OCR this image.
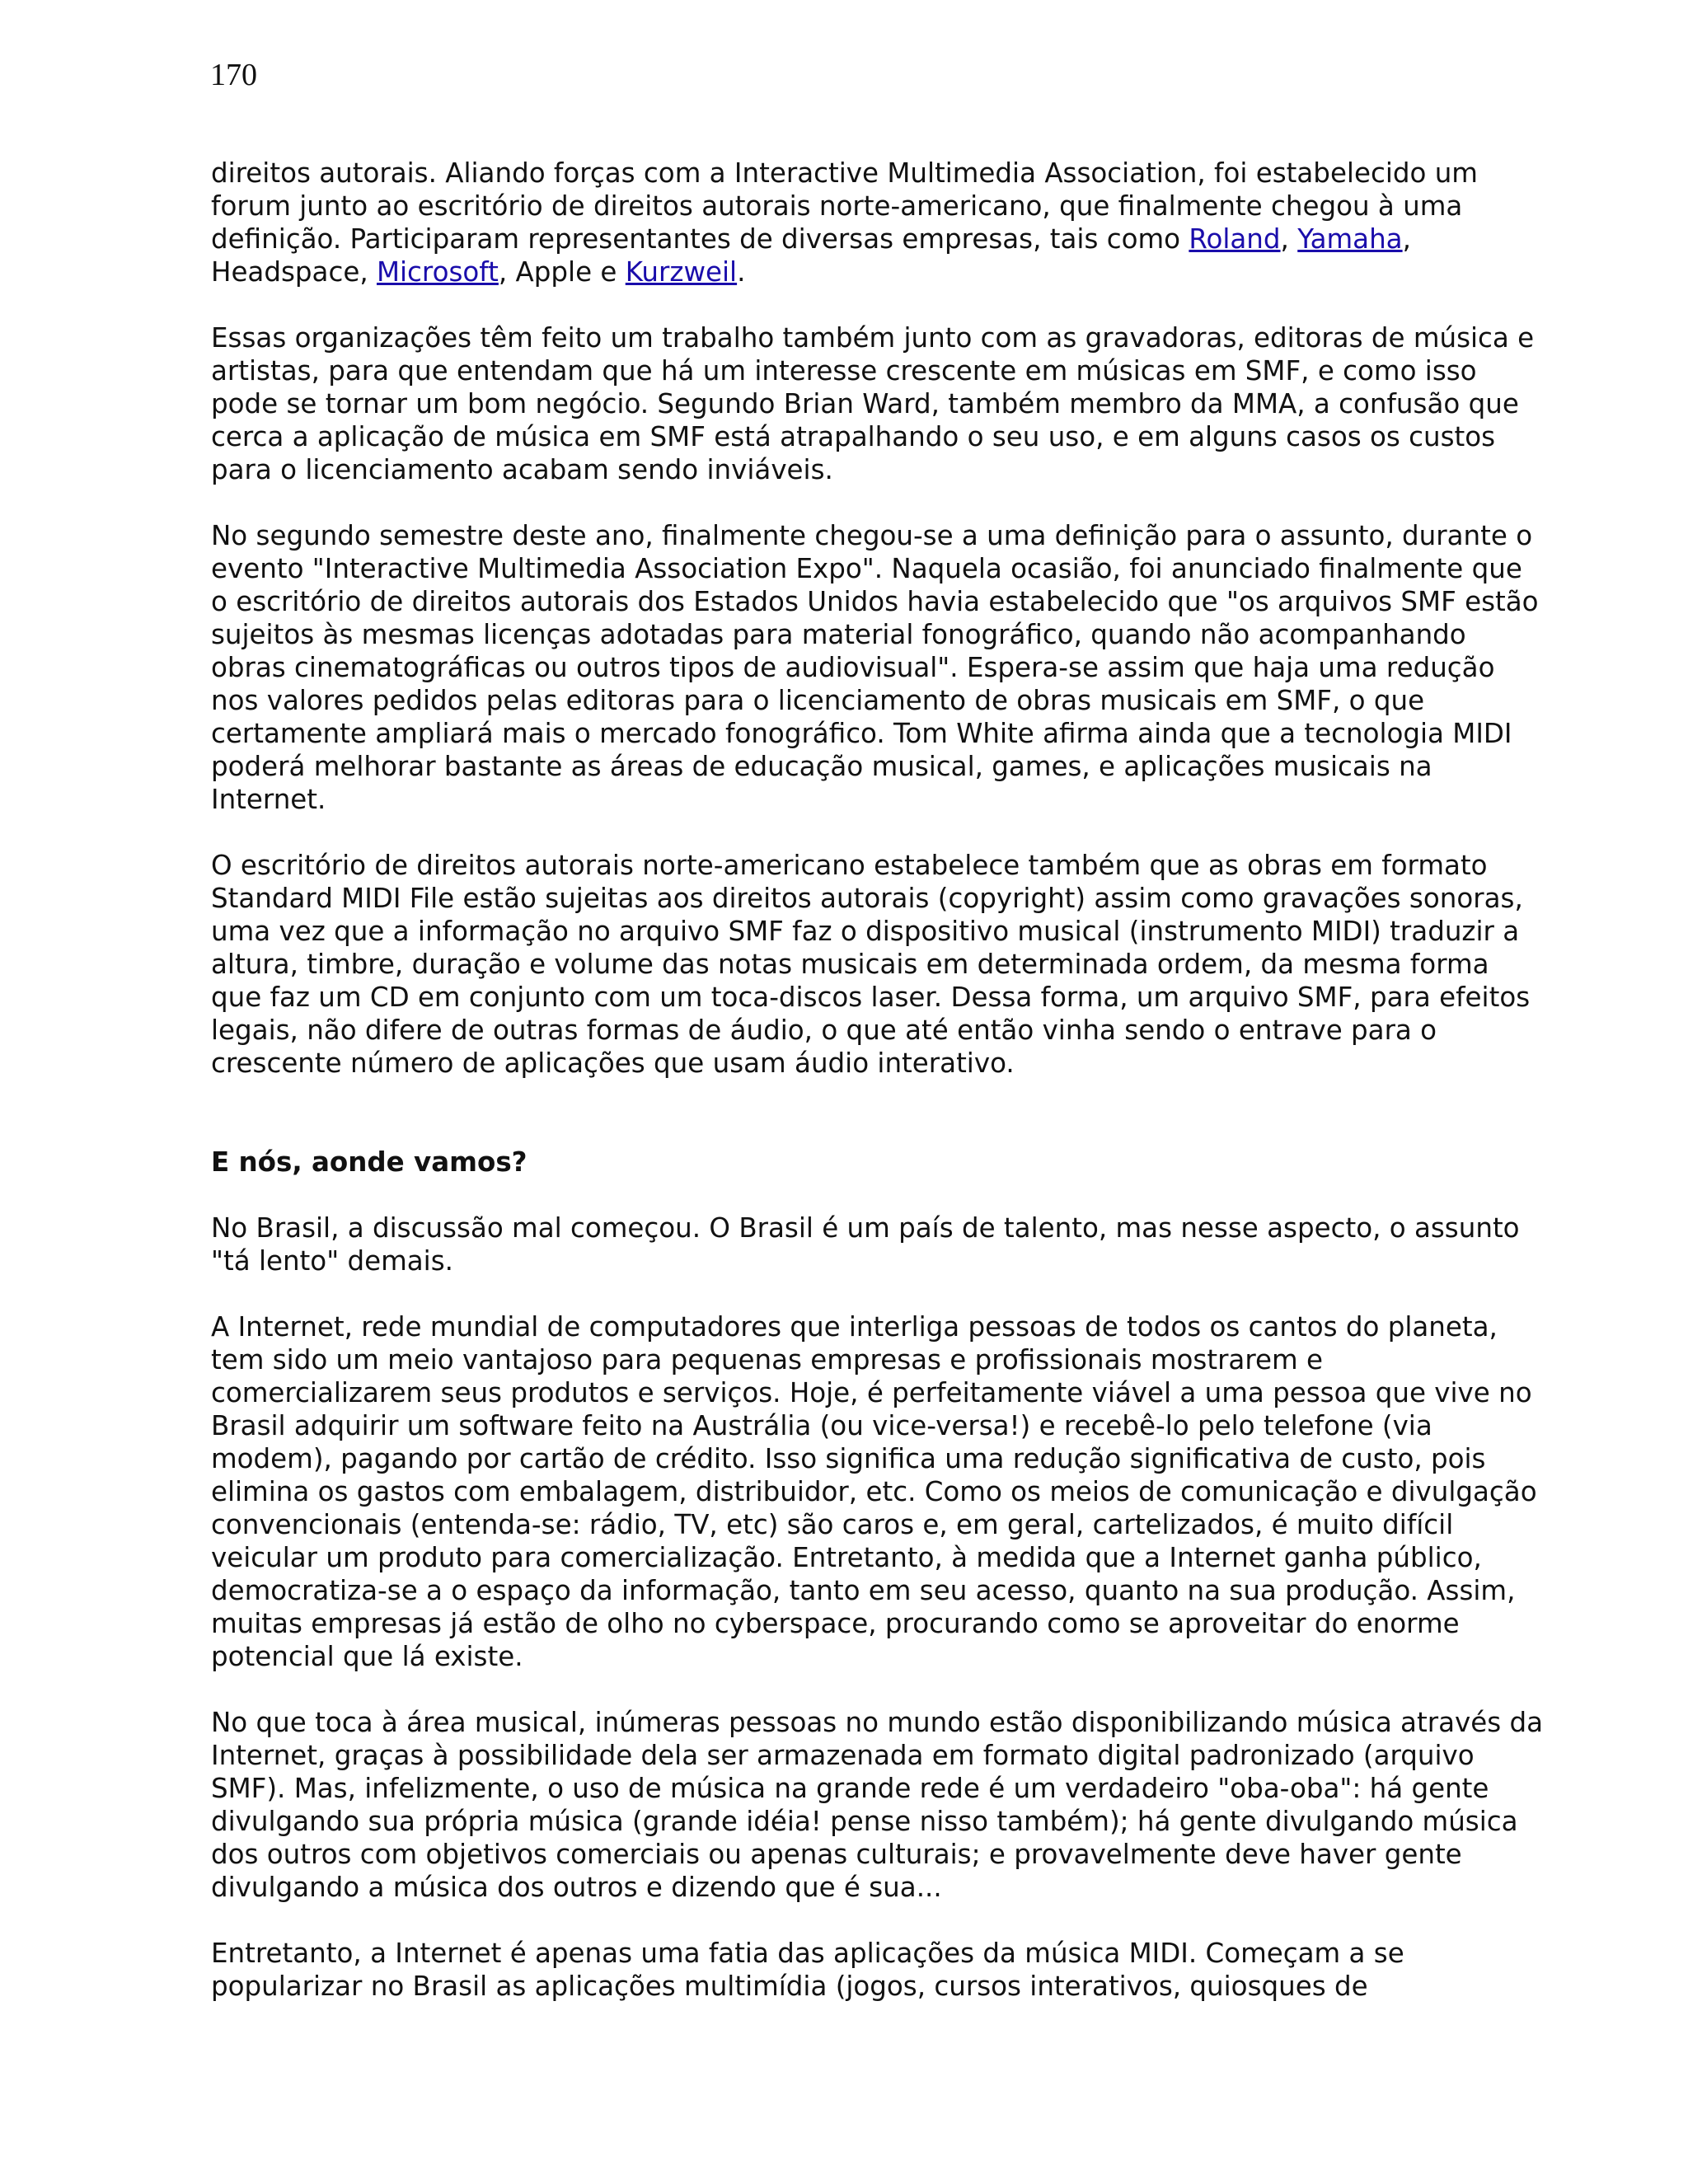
170

direitos autorais. Aliando forças com a Interactive Multimedia Association, foi estabelecido um forum junto ao escritório de direitos autorais norte-americano, que finalmente chegou à uma definição. Participaram representantes de diversas empresas, tais como Roland, Yamaha, Headspace, Microsoft, Apple e Kurzweil.

Essas organizações têm feito um trabalho também junto com as gravadoras, editoras de música e artistas, para que entendam que há um interesse crescente em músicas em SMF, e como isso pode se tornar um bom negócio. Segundo Brian Ward, também membro da MMA, a confusão que cerca a aplicação de música em SMF está atrapalhando o seu uso, e em alguns casos os custos para o licenciamento acabam sendo inviáveis.

No segundo semestre deste ano, finalmente chegou-se a uma definição para o assunto, durante o evento "Interactive Multimedia Association Expo". Naquela ocasião, foi anunciado finalmente que o escritório de direitos autorais dos Estados Unidos havia estabelecido que "os arquivos SMF estão sujeitos às mesmas licenças adotadas para material fonográfico, quando não acompanhando obras cinematográficas ou outros tipos de audiovisual". Espera-se assim que haja uma redução nos valores pedidos pelas editoras para o licenciamento de obras musicais em SMF, o que certamente ampliará mais o mercado fonográfico. Tom White afirma ainda que a tecnologia MIDI poderá melhorar bastante as áreas de educação musical, games, e aplicações musicais na Internet.

O escritório de direitos autorais norte-americano estabelece também que as obras em formato Standard MIDI File estão sujeitas aos direitos autorais (copyright) assim como gravações sonoras, uma vez que a informação no arquivo SMF faz o dispositivo musical (instrumento MIDI) traduzir a altura, timbre, duração e volume das notas musicais em determinada ordem, da mesma forma que faz um CD em conjunto com um toca-discos laser. Dessa forma, um arquivo SMF, para efeitos legais, não difere de outras formas de áudio, o que até então vinha sendo o entrave para o crescente número de aplicações que usam áudio interativo.

E nós, aonde vamos?

No Brasil, a discussão mal começou. O Brasil é um país de talento, mas nesse aspecto, o assunto "tá lento" demais.

A Internet, rede mundial de computadores que interliga pessoas de todos os cantos do planeta, tem sido um meio vantajoso para pequenas empresas e profissionais mostrarem e comercializarem seus produtos e serviços. Hoje, é perfeitamente viável a uma pessoa que vive no Brasil adquirir um software feito na Austrália (ou vice-versa!) e recebê-lo pelo telefone (via modem), pagando por cartão de crédito. Isso significa uma redução significativa de custo, pois elimina os gastos com embalagem, distribuidor, etc. Como os meios de comunicação e divulgação convencionais (entenda-se: rádio, TV, etc) são caros e, em geral, cartelizados, é muito difícil veicular um produto para comercialização. Entretanto, à medida que a Internet ganha público, democratiza-se a o espaço da informação, tanto em seu acesso, quanto na sua produção. Assim, muitas empresas já estão de olho no cyberspace, procurando como se aproveitar do enorme potencial que lá existe.

No que toca à área musical, inúmeras pessoas no mundo estão disponibilizando música através da Internet, graças à possibilidade dela ser armazenada em formato digital padronizado (arquivo SMF). Mas, infelizmente, o uso de música na grande rede é um verdadeiro "oba-oba": há gente divulgando sua própria música (grande idéia! pense nisso também); há gente divulgando música dos outros com objetivos comerciais ou apenas culturais; e provavelmente deve haver gente divulgando a música dos outros e dizendo que é sua...

Entretanto, a Internet é apenas uma fatia das aplicações da música MIDI. Começam a se popularizar no Brasil as aplicações multimídia (jogos, cursos interativos, quiosques de
